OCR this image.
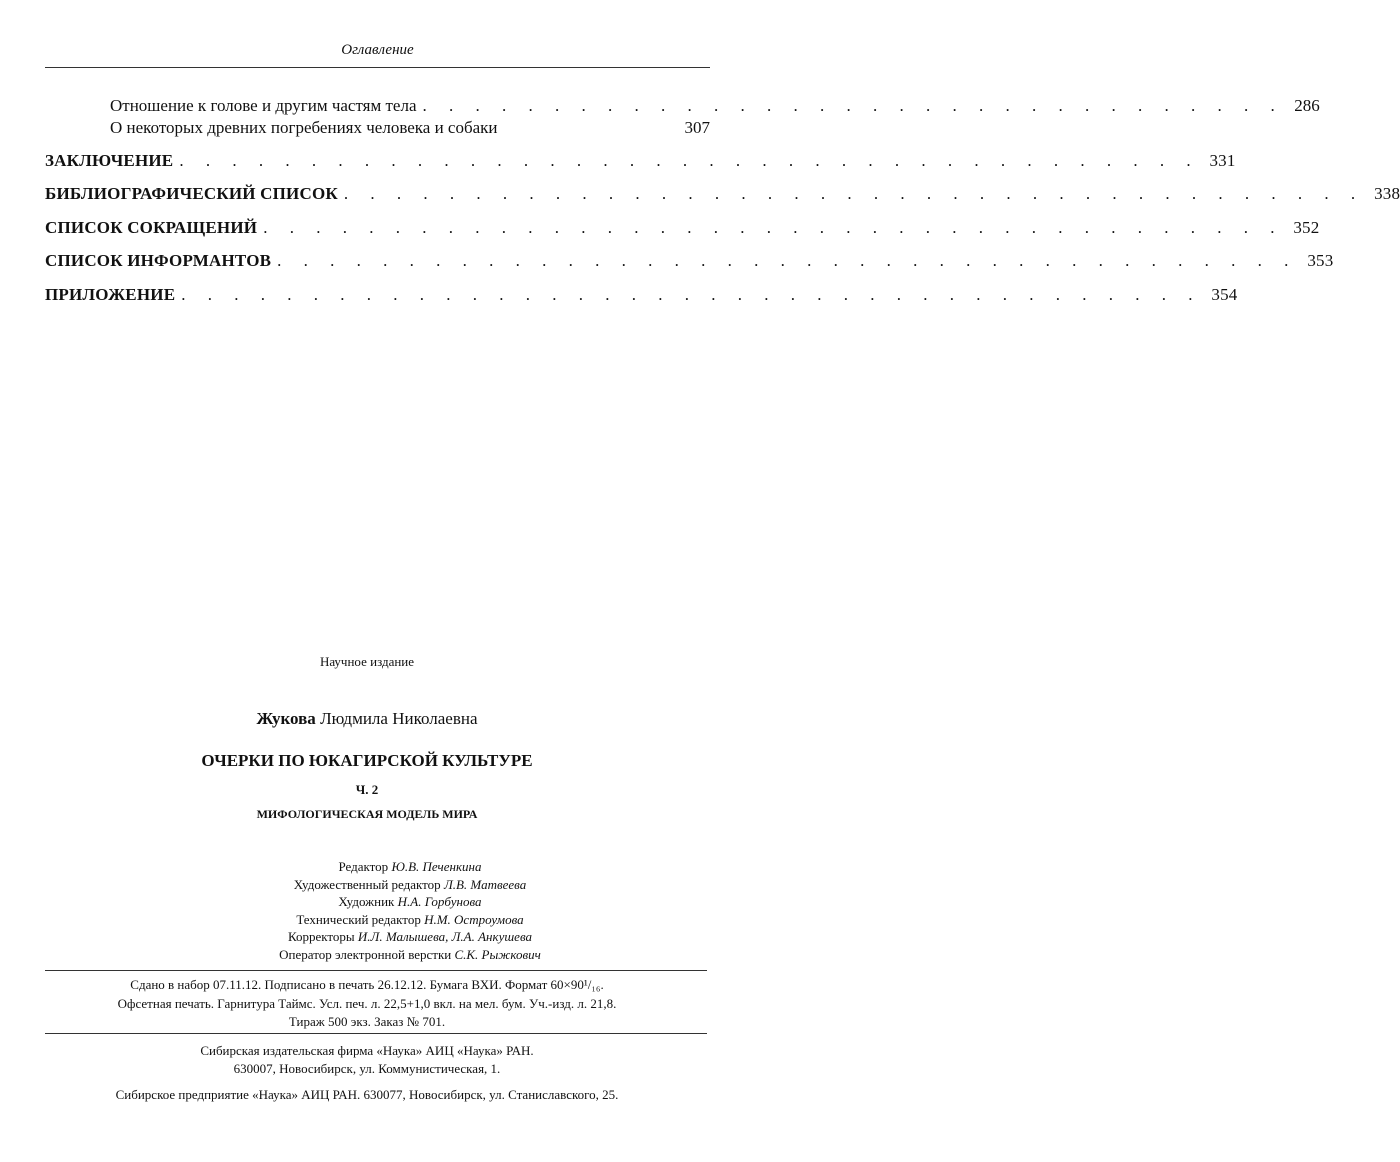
Оглавление
Отношение к голове и другим частям тела . . . . . . . . . . . . . . . . . . . . . . . . . . . . . . . . . 286
О некоторых древних погребениях человека и собаки	307
ЗАКЛЮЧЕНИЕ . . . . . . . . . . . . . . . . . . . . . . . . . . . . . . . . . . . . . . . 331
БИБЛИОГРАФИЧЕСКИЙ СПИСОК . . . . . . . . . . . . . . . . . . . . . . . . . . . . . . . . . . . . . . . 338
СПИСОК СОКРАЩЕНИЙ . . . . . . . . . . . . . . . . . . . . . . . . . . . . . . . . . . . . . . . 352
СПИСОК ИНФОРМАНТОВ . . . . . . . . . . . . . . . . . . . . . . . . . . . . . . . . . . . . . . . 353
ПРИЛОЖЕНИЕ . . . . . . . . . . . . . . . . . . . . . . . . . . . . . . . . . . . . . . . 354
Научное издание
Жукова Людмила Николаевна
ОЧЕРКИ ПО ЮКАГИРСКОЙ КУЛЬТУРЕ
Ч. 2
МИФОЛОГИЧЕСКАЯ МОДЕЛЬ МИРА
Редактор Ю.В. Печенкина
Художественный редактор Л.В. Матвеева
Художник Н.А. Горбунова
Технический редактор Н.М. Остроумова
Корректоры И.Л. Малышева, Л.А. Анкушева
Оператор электронной верстки С.К. Рыжкович
Сдано в набор 07.11.12. Подписано в печать 26.12.12. Бумага ВХИ. Формат 60×90¹/₁₆.
Офсетная печать. Гарнитура Таймс. Усл. печ. л. 22,5+1,0 вкл. на мел. бум. Уч.-изд. л. 21,8.
Тираж 500 экз. Заказ № 701.
Сибирская издательская фирма «Наука» АИЦ «Наука» РАН.
630007, Новосибирск, ул. Коммунистическая, 1.
Сибирское предприятие «Наука» АИЦ РАН. 630077, Новосибирск, ул. Станиславского, 25.
